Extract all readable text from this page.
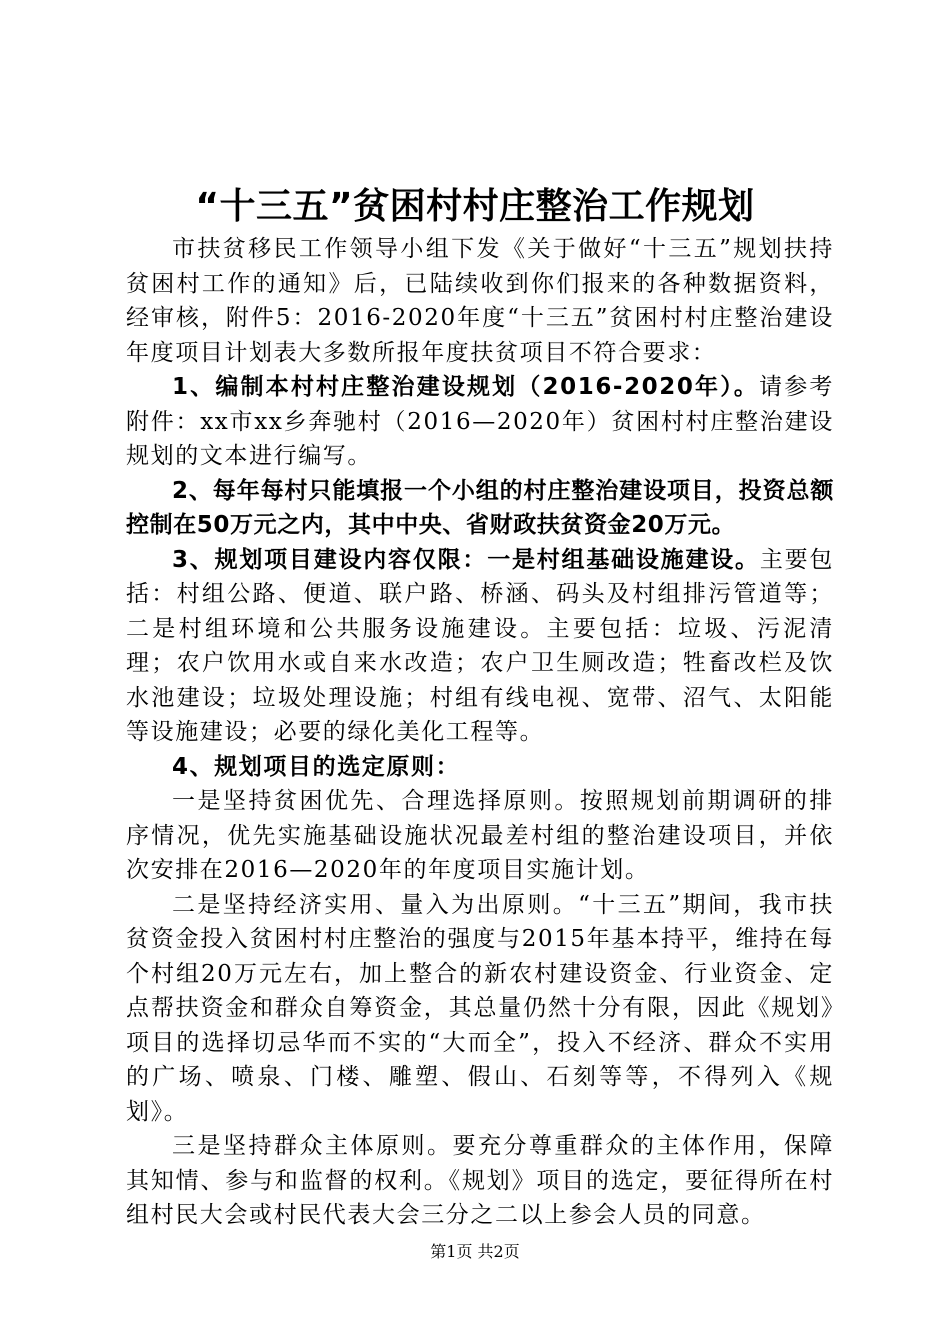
“十三五”贫困村村庄整治工作规划

市扶贫移民工作领导小组下发《关于做好“十三五”规划扶持贫困村工作的通知》后，已陆续收到你们报来的各种数据资料，经审核，附件5：2016-2020年度“十三五”贫困村村庄整治建设年度项目计划表大多数所报年度扶贫项目不符合要求：

1、编制本村村庄整治建设规划（2016-2020年）。请参考附件：xx市xx乡奔驰村（2016—2020年）贫困村村庄整治建设规划的文本进行编写。

2、每年每村只能填报一个小组的村庄整治建设项目，投资总额控制在50万元之内，其中中央、省财政扶贫资金20万元。

3、规划项目建设内容仅限：一是村组基础设施建设。主要包括：村组公路、便道、联户路、桥涵、码头及村组排污管道等；二是村组环境和公共服务设施建设。主要包括：垃圾、污泥清理；农户饮用水或自来水改造；农户卫生厕改造；牲畜改栏及饮水池建设；垃圾处理设施；村组有线电视、宽带、沼气、太阳能等设施建设；必要的绿化美化工程等。

4、规划项目的选定原则：

一是坚持贫困优先、合理选择原则。按照规划前期调研的排序情况，优先实施基础设施状况最差村组的整治建设项目，并依次安排在2016—2020年的年度项目实施计划。

二是坚持经济实用、量入为出原则。“十三五”期间，我市扶贫资金投入贫困村村庄整治的强度与2015年基本持平，维持在每个村组20万元左右，加上整合的新农村建设资金、行业资金、定点帮扶资金和群众自筹资金，其总量仍然十分有限，因此《规划》项目的选择切忌华而不实的“大而全”，投入不经济、群众不实用的广场、喷泉、门楼、雕塑、假山、石刻等等，不得列入《规划》。

三是坚持群众主体原则。要充分尊重群众的主体作用，保障其知情、参与和监督的权利。《规划》项目的选定，要征得所在村组村民大会或村民代表大会三分之二以上参会人员的同意。

第1页 共2页
